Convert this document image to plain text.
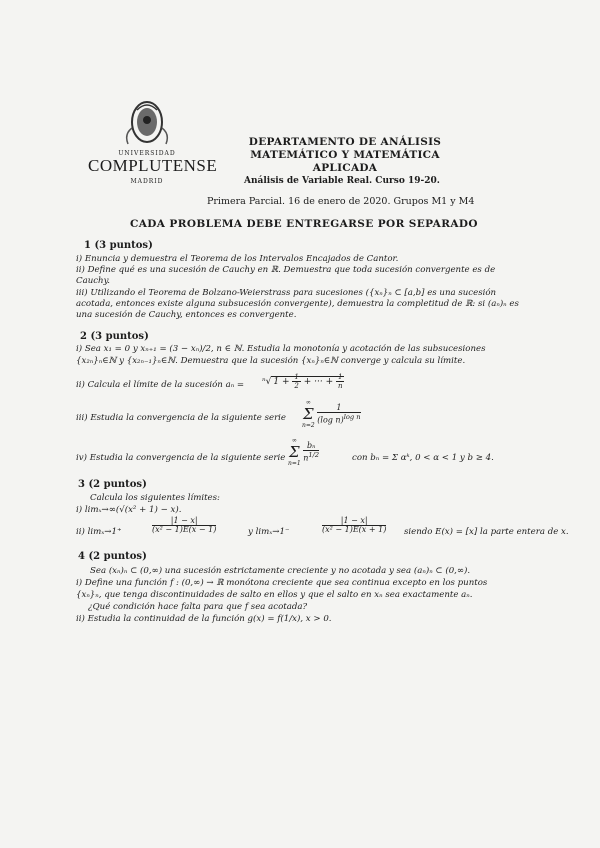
UNIVERSIDAD
COMPLUTENSE
MADRID
DEPARTAMENTO DE ANÁLISIS
MATEMÁTICO Y MATEMÁTICA
APLICADA
Análisis de Variable Real. Curso 19-20.
Primera Parcial. 16 de enero de 2020. Grupos M1 y M4
CADA PROBLEMA DEBE ENTREGARSE POR SEPARADO
1 (3 puntos)
i) Enuncia y demuestra el Teorema de los Intervalos Encajados de Cantor.
ii) Define qué es una sucesión de Cauchy en ℝ. Demuestra que toda sucesión convergente es de
Cauchy.
iii) Utilizando el Teorema de Bolzano-Weierstrass para sucesiones ({xₙ}ₙ ⊂ [a,b] es una sucesión
acotada, entonces existe alguna subsucesión convergente), demuestra la completitud de ℝ: si (aₙ)ₙ es
una sucesión de Cauchy, entonces es convergente.
2 (3 puntos)
i) Sea x₁ = 0 y xₙ₊₁ = (3 − xₙ)/2, n ∈ ℕ. Estudia la monotonía y acotación de las subsucesiones
{x₂ₙ}ₙ∈ℕ y {x₂ₙ₋₁}ₙ∈ℕ. Demuestra que la sucesión {xₙ}ₙ∈ℕ converge y calcula su límite.
ii) Calcula el límite de la sucesión aₙ = ⁿ√ $1 + \frac{1}{2}$ + ··· + $\frac{1}{n}$
iii) Estudia la convergencia de la siguiente serie
∞
Σ
n=2

$\frac{1}{(\log n)^{log n}}$
iv) Estudia la convergencia de la siguiente serie
∞
Σ
n=1

$\frac{\text{bₙ}}{n^{1/2}}$	con bₙ = Σ αᵏ, 0 < α < 1 y b ≥ 4.
3 (2 puntos)
Calcula los siguientes límites:
i) limₓ→∞(√(x² + 1) − x).
ii) limₓ→1⁺	$\frac{|1 - x|}{\text{(x² − 1)E(x − 1)}}$	y limₓ→1⁻	$\frac{|1 - x|}{\text{(x² − 1)E(x + 1)}}$ siendo E(x) = [x] la parte entera de x.
4 (2 puntos)
Sea (xₙ)ₙ ⊂ (0,∞) una sucesión estrictamente creciente y no acotada y sea (aₙ)ₙ ⊂ (0,∞).
i) Define una función f : (0,∞) → ℝ monótona creciente que sea continua excepto en los puntos
{xₙ}ₙ, que tenga discontinuidades de salto en ellos y que el salto en xₙ sea exactamente aₙ.
¿Qué condición hace falta para que f sea acotada?
ii) Estudia la continuidad de la función g(x) = f(1/x), x > 0.
